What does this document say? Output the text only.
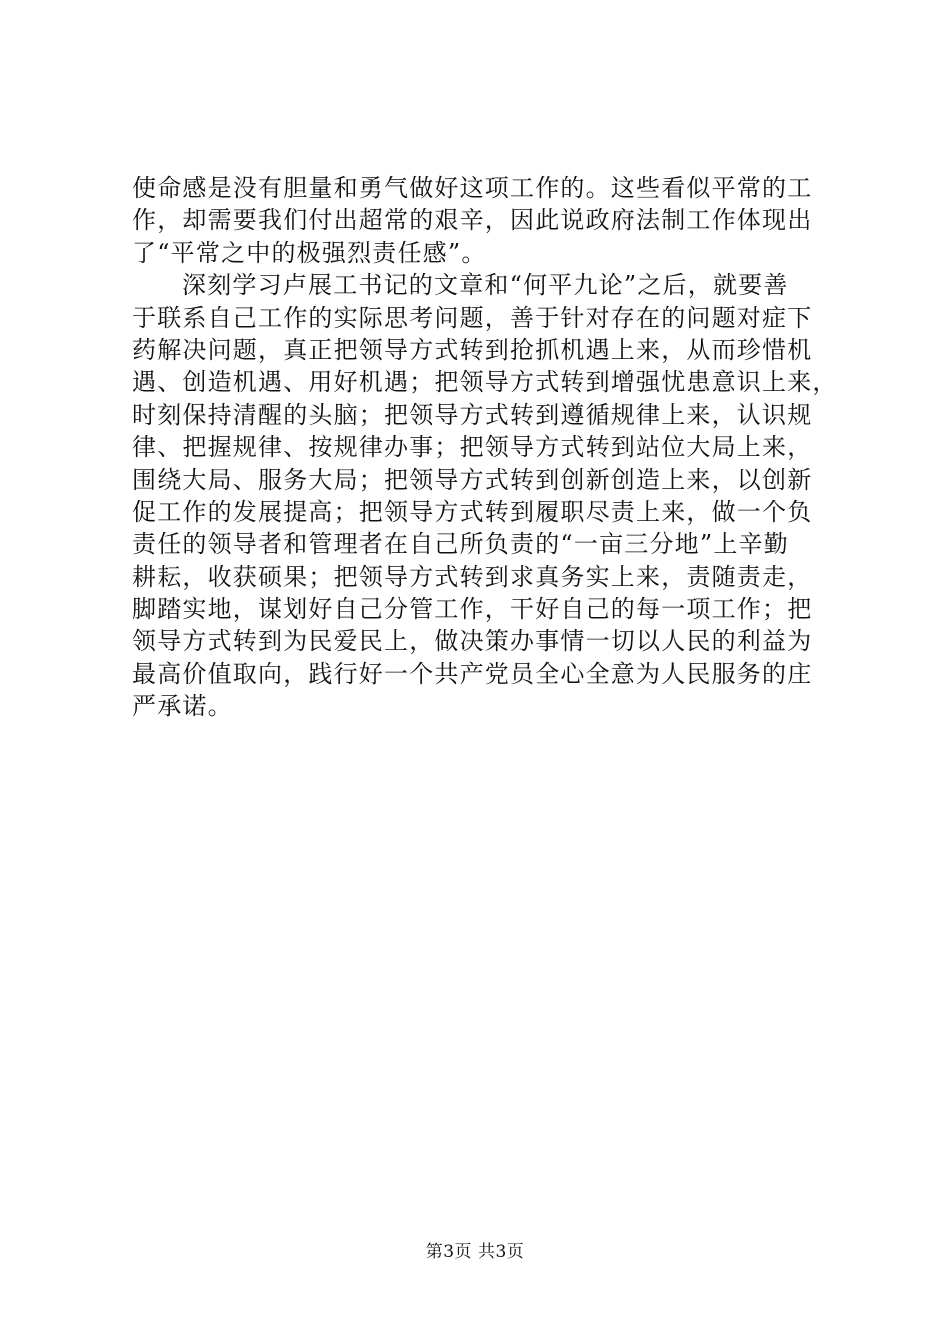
使命感是没有胆量和勇气做好这项工作的。这些看似平常的工
作，却需要我们付出超常的艰辛，因此说政府法制工作体现出
了“平常之中的极强烈责任感”。
深刻学习卢展工书记的文章和“何平九论”之后，就要善
于联系自己工作的实际思考问题，善于针对存在的问题对症下
药解决问题，真正把领导方式转到抢抓机遇上来，从而珍惜机
遇、创造机遇、用好机遇；把领导方式转到增强忧患意识上来，
时刻保持清醒的头脑；把领导方式转到遵循规律上来，认识规
律、把握规律、按规律办事；把领导方式转到站位大局上来，
围绕大局、服务大局；把领导方式转到创新创造上来，以创新
促工作的发展提高；把领导方式转到履职尽责上来，做一个负
责任的领导者和管理者在自己所负责的“一亩三分地”上辛勤
耕耘，收获硕果；把领导方式转到求真务实上来，责随责走，
脚踏实地，谋划好自己分管工作，干好自己的每一项工作；把
领导方式转到为民爱民上，做决策办事情一切以人民的利益为
最高价值取向，践行好一个共产党员全心全意为人民服务的庄
严承诺。
第3页 共3页
